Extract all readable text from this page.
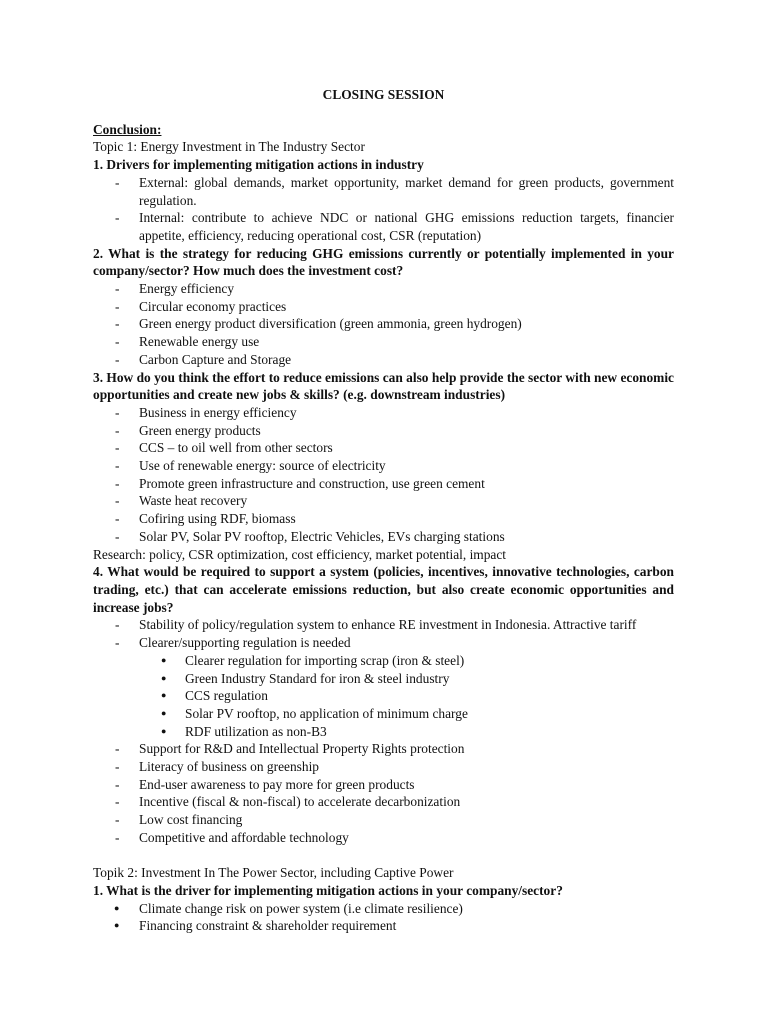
CLOSING SESSION

Conclusion:

Topic 1: Energy Investment in The Industry Sector

1. Drivers for implementing mitigation actions in industry

- External: global demands, market opportunity, market demand for green products, government regulation.
- Internal: contribute to achieve NDC or national GHG emissions reduction targets, financier appetite, efficiency, reducing operational cost, CSR (reputation)

2. What is the strategy for reducing GHG emissions currently or potentially implemented in your company/sector? How much does the investment cost?

- Energy efficiency
- Circular economy practices
- Green energy product diversification (green ammonia, green hydrogen)
- Renewable energy use
- Carbon Capture and Storage

3. How do you think the effort to reduce emissions can also help provide the sector with new economic opportunities and create new jobs & skills? (e.g. downstream industries)

- Business in energy efficiency
- Green energy products
- CCS – to oil well from other sectors
- Use of renewable energy: source of electricity
- Promote green infrastructure and construction, use green cement
- Waste heat recovery
- Cofiring using RDF, biomass
- Solar PV, Solar PV rooftop, Electric Vehicles, EVs charging stations

Research: policy, CSR optimization, cost efficiency, market potential, impact

4. What would be required to support a system (policies, incentives, innovative technologies, carbon trading, etc.) that can accelerate emissions reduction, but also create economic opportunities and increase jobs?

- Stability of policy/regulation system to enhance RE investment in Indonesia. Attractive tariff
- Clearer/supporting regulation is needed
● Clearer regulation for importing scrap (iron & steel)
● Green Industry Standard for iron & steel industry
● CCS regulation
● Solar PV rooftop, no application of minimum charge
● RDF utilization as non-B3
- Support for R&D and Intellectual Property Rights protection
- Literacy of business on greenship
- End-user awareness to pay more for green products
- Incentive (fiscal & non-fiscal) to accelerate decarbonization
- Low cost financing
- Competitive and affordable technology

Topik 2: Investment In The Power Sector, including Captive Power

1. What is the driver for implementing mitigation actions in your company/sector?

● Climate change risk on power system (i.e climate resilience)
● Financing constraint & shareholder requirement
